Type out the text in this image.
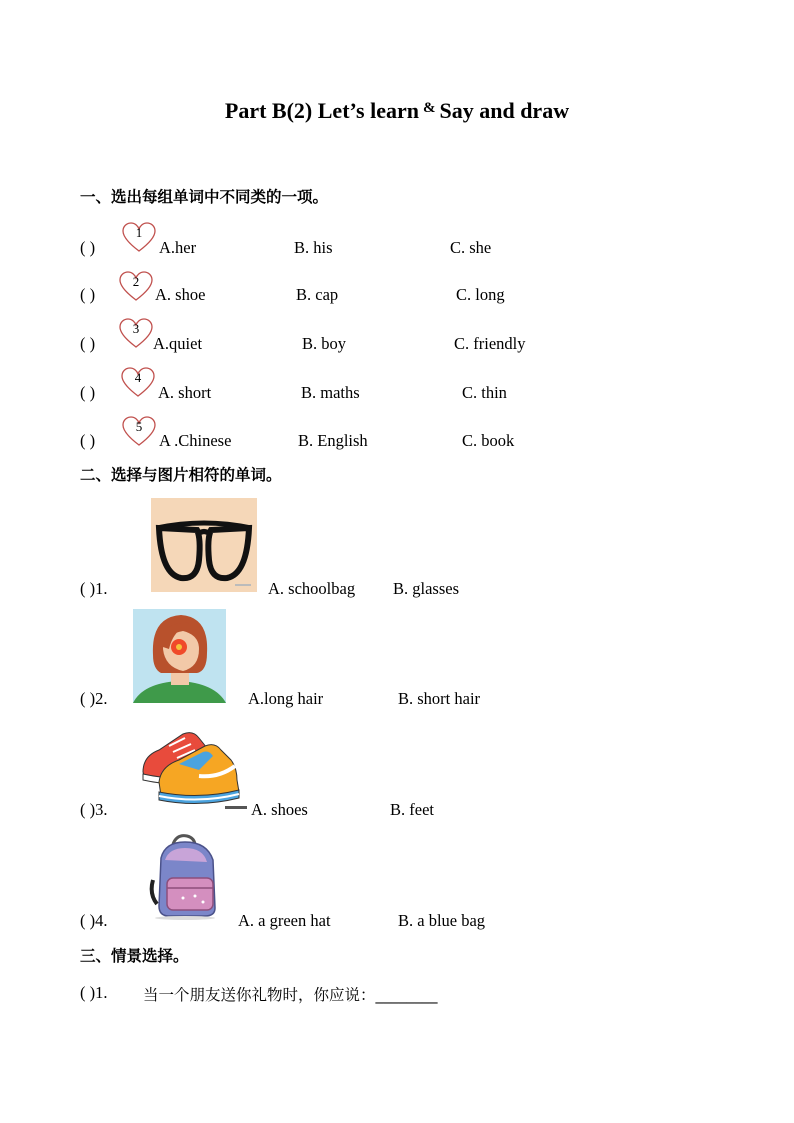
Part B(2) Let’s learn & Say and draw
一、选出每组单词中不同类的一项。
( )
1
A.her	B. his	C. she
( )
2
A. shoe	B. cap	C. long
( )
3
A.quiet	B. boy	C. friendly
( )
4
A. short	B. maths	C. thin
( )
5
A .Chinese	B. English	C. book
二、选择与图片相符的单词。
( )1.	A. schoolbag B. glasses
( )2.	A.long hair	B. short hair
( )3.	A. shoes	B. feet
( )4.	A. a green hat	B. a blue bag
三、情景选择。
( )1. 当一个朋友送你礼物时，你应说：________
